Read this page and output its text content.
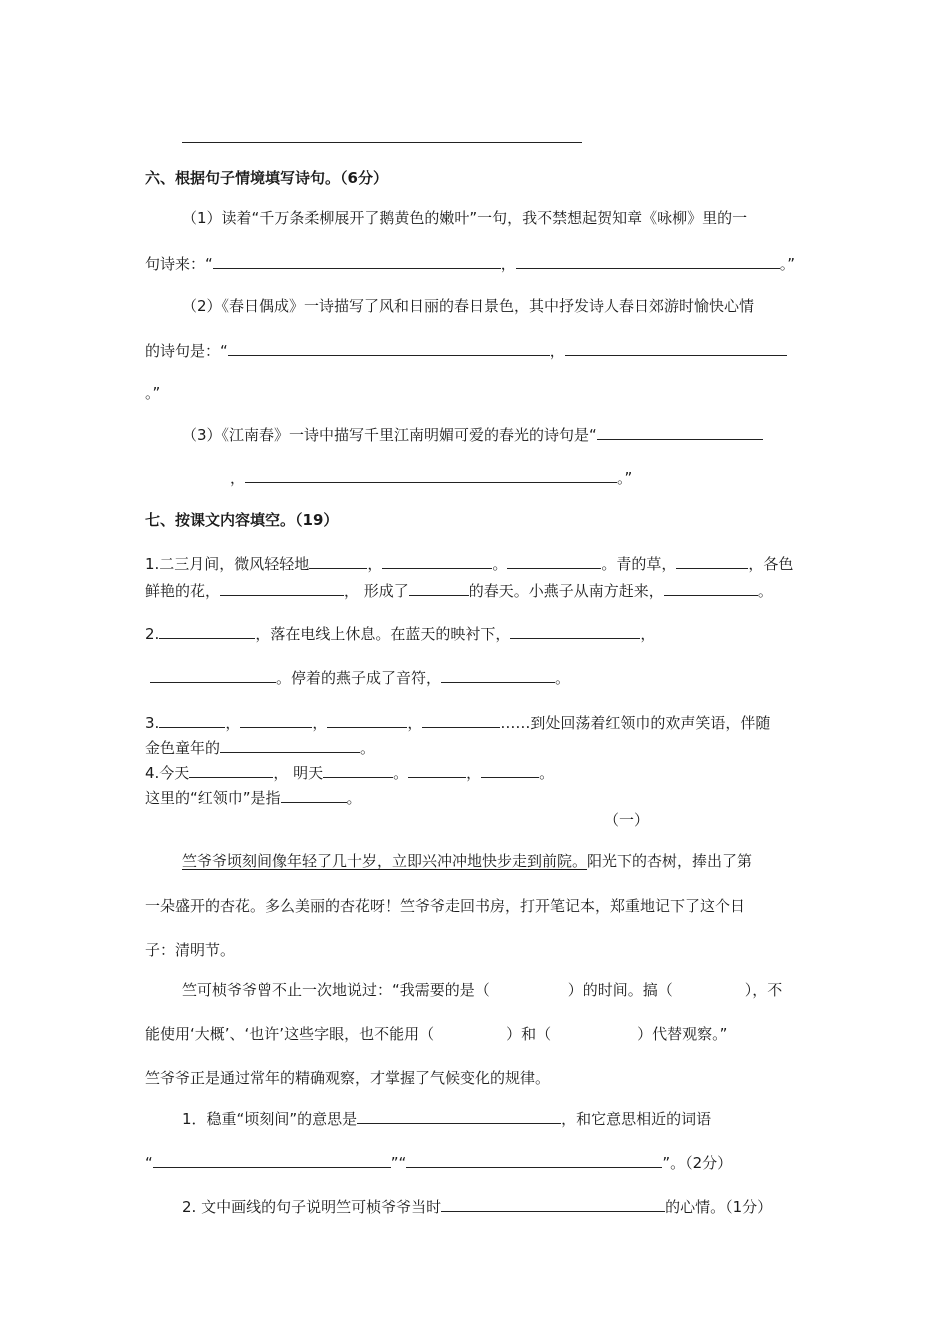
六、根据句子情境填写诗句。（6分）
（1）读着“千万条柔柳展开了鹅黄色的嫩叶”一句，我不禁想起贺知章《咏柳》里的一
句诗来：“	，	。”
（2）《春日偶成》一诗描写了风和日丽的春日景色，其中抒发诗人春日郊游时愉快心情
的诗句是：“	，
。”
（3）《江南春》一诗中描写千里江南明媚可爱的春光的诗句是“
，	。”
七、按课文内容填空。（19）
1.二三月间，微风轻轻地	，	。	。青的草，	，各色
鲜艳的花，	， 形成了	的春天。小燕子从南方赶来，	。
2.	，落在电线上休息。在蓝天的映衬下，	，
。停着的燕子成了音符，	。
3.	，	，	，	……到处回荡着红领巾的欢声笑语，伴随
金色童年的	。
4.今天	， 明天	。	，	。
这里的“红领巾”是指	。
（一）
竺爷爷顷刻间像年轻了几十岁，立即兴冲冲地快步走到前院。阳光下的杏树，捧出了第
一朵盛开的杏花。多么美丽的杏花呀！竺爷爷走回书房，打开笔记本，郑重地记下了这个日
子：清明节。
竺可桢爷爷曾不止一次地说过：“我需要的是（	）的时间。搞（	），不
能使用‘大概’、‘也许’这些字眼，也不能用（	）和（	）代替观察。”
竺爷爷正是通过常年的精确观察，才掌握了气候变化的规律。
1．稳重“顷刻间”的意思是	，和它意思相近的词语
“	”“	”。（2分）
2. 文中画线的句子说明竺可桢爷爷当时	的心情。（1分）
